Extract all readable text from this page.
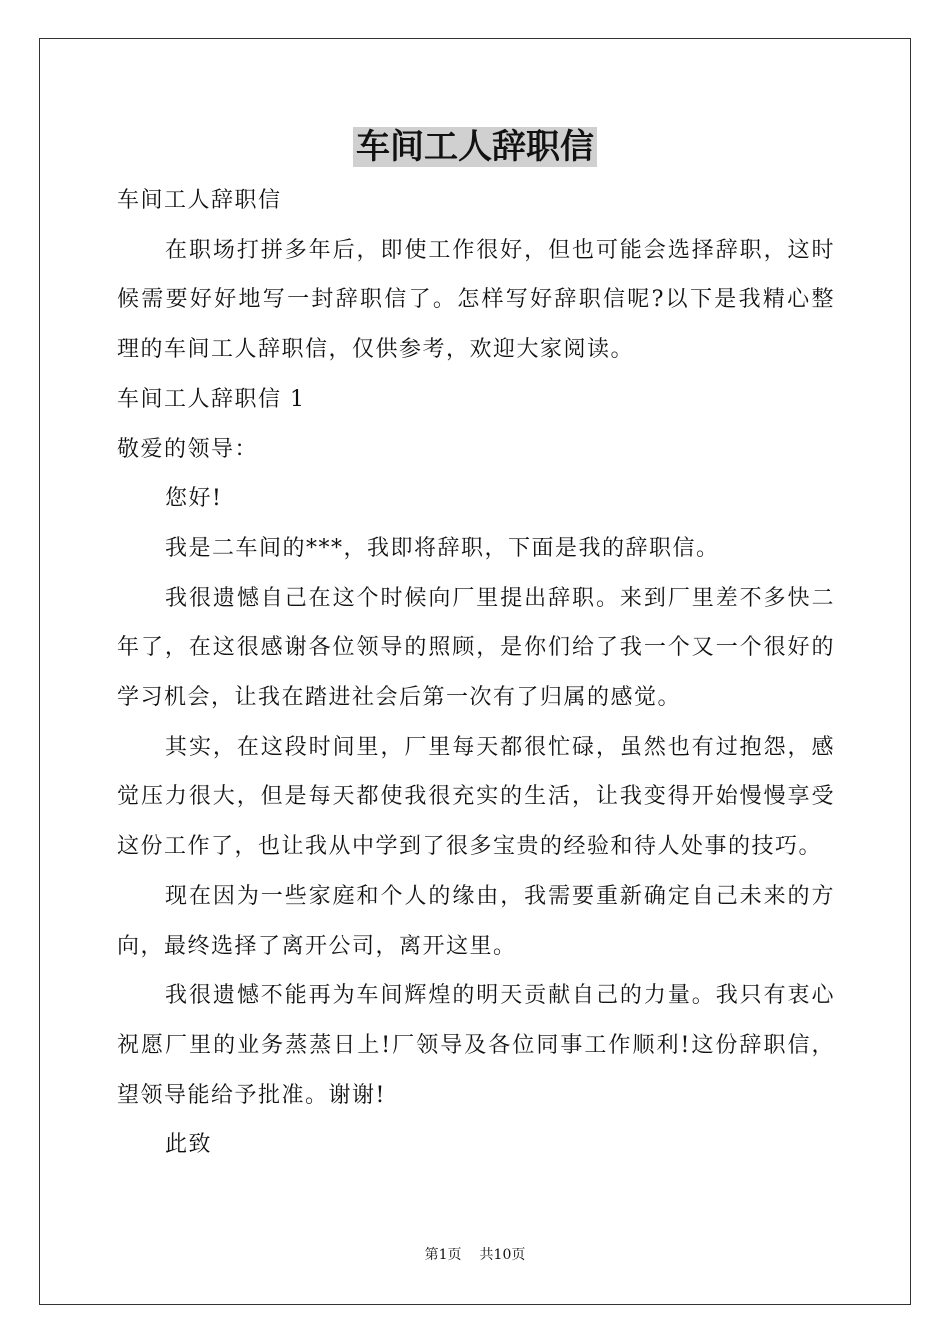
车间工人辞职信

车间工人辞职信

在职场打拼多年后，即使工作很好，但也可能会选择辞职，这时候需要好好地写一封辞职信了。怎样写好辞职信呢?以下是我精心整理的车间工人辞职信，仅供参考，欢迎大家阅读。

车间工人辞职信 1

敬爱的领导：

您好!

我是二车间的***，我即将辞职，下面是我的辞职信。

我很遗憾自己在这个时候向厂里提出辞职。来到厂里差不多快二年了，在这很感谢各位领导的照顾，是你们给了我一个又一个很好的学习机会，让我在踏进社会后第一次有了归属的感觉。

其实，在这段时间里，厂里每天都很忙碌，虽然也有过抱怨，感觉压力很大，但是每天都使我很充实的生活，让我变得开始慢慢享受这份工作了，也让我从中学到了很多宝贵的经验和待人处事的技巧。

现在因为一些家庭和个人的缘由，我需要重新确定自己未来的方向，最终选择了离开公司，离开这里。

我很遗憾不能再为车间辉煌的明天贡献自己的力量。我只有衷心祝愿厂里的业务蒸蒸日上!厂领导及各位同事工作顺利!这份辞职信，望领导能给予批准。谢谢!

此致

第1页 共10页
